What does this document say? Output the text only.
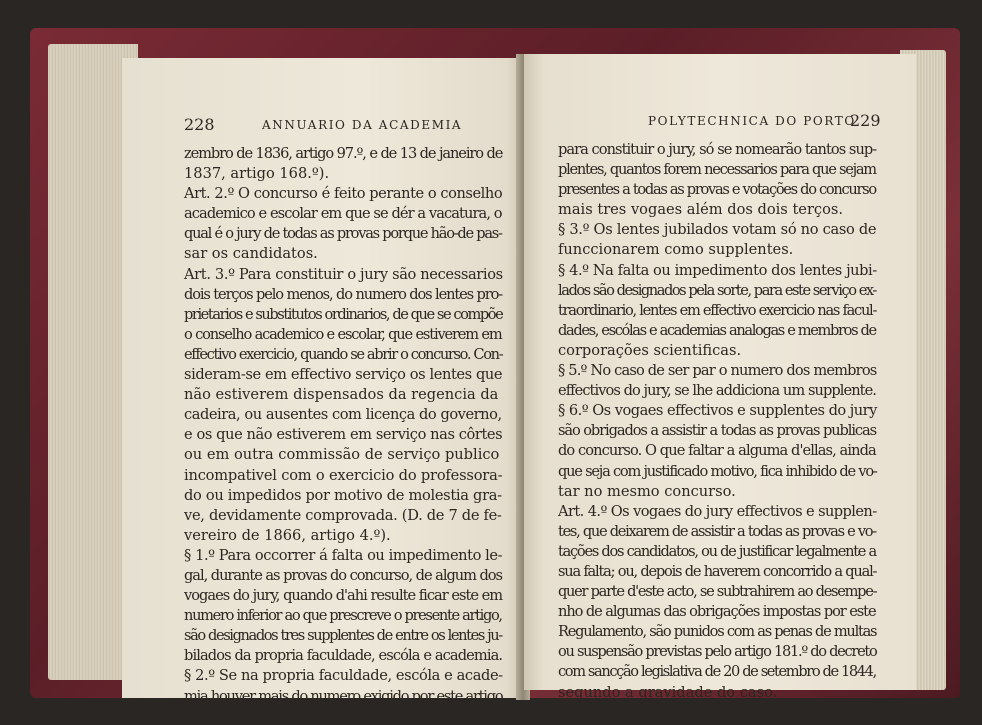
228	ANNUARIO DA ACADEMIA
zembro de 1836, artigo 97.º, e de 13 de janeiro de
1837, artigo 168.º).
Art. 2.º O concurso é feito perante o conselho
academico e escolar em que se dér a vacatura, o
qual é o jury de todas as provas porque hão-de pas-
sar os candidatos.
Art. 3.º Para constituir o jury são necessarios
dois terços pelo menos, do numero dos lentes pro-
prietarios e substitutos ordinarios, de que se compõe
o conselho academico e escolar, que estiverem em
effectivo exercicio, quando se abrir o concurso. Con-
sideram-se em effectivo serviço os lentes que
não estiverem dispensados da regencia da
cadeira, ou ausentes com licença do governo,
e os que não estiverem em serviço nas côrtes
ou em outra commissão de serviço publico
incompativel com o exercicio do professora-
do ou impedidos por motivo de molestia gra-
ve, devidamente comprovada. (D. de 7 de fe-
vereiro de 1866, artigo 4.º).
§ 1.º Para occorrer á falta ou impedimento le-
gal, durante as provas do concurso, de algum dos
vogaes do jury, quando d'ahi resulte ficar este em
numero inferior ao que prescreve o presente artigo,
são designados tres supplentes de entre os lentes ju-
bilados da propria faculdade, escóla e academia.
§ 2.º Se na propria faculdade, escóla e acade-
mia houver mais do numero exigido por este artigo
POLYTECHNICA DO PORTO
229
para constituir o jury, só se nomearão tantos sup-
plentes, quantos forem necessarios para que sejam
presentes a todas as provas e votações do concurso
mais tres vogaes além dos dois terços.
§ 3.º Os lentes jubilados votam só no caso de
funccionarem como supplentes.
§ 4.º Na falta ou impedimento dos lentes jubi-
lados são designados pela sorte, para este serviço ex-
traordinario, lentes em effectivo exercicio nas facul-
dades, escólas e academias analogas e membros de
corporações scientificas.
§ 5.º No caso de ser par o numero dos membros
effectivos do jury, se lhe addiciona um supplente.
§ 6.º Os vogaes effectivos e supplentes do jury
são obrigados a assistir a todas as provas publicas
do concurso. O que faltar a alguma d'ellas, ainda
que seja com justificado motivo, fica inhibido de vo-
tar no mesmo concurso.
Art. 4.º Os vogaes do jury effectivos e supplen-
tes, que deixarem de assistir a todas as provas e vo-
tações dos candidatos, ou de justificar legalmente a
sua falta; ou, depois de haverem concorrido a qual-
quer parte d'este acto, se subtrahirem ao desempe-
nho de algumas das obrigações impostas por este
Regulamento, são punidos com as penas de multas
ou suspensão previstas pelo artigo 181.º do decreto
com sancção legislativa de 20 de setembro de 1844,
segundo a gravidade do caso.
